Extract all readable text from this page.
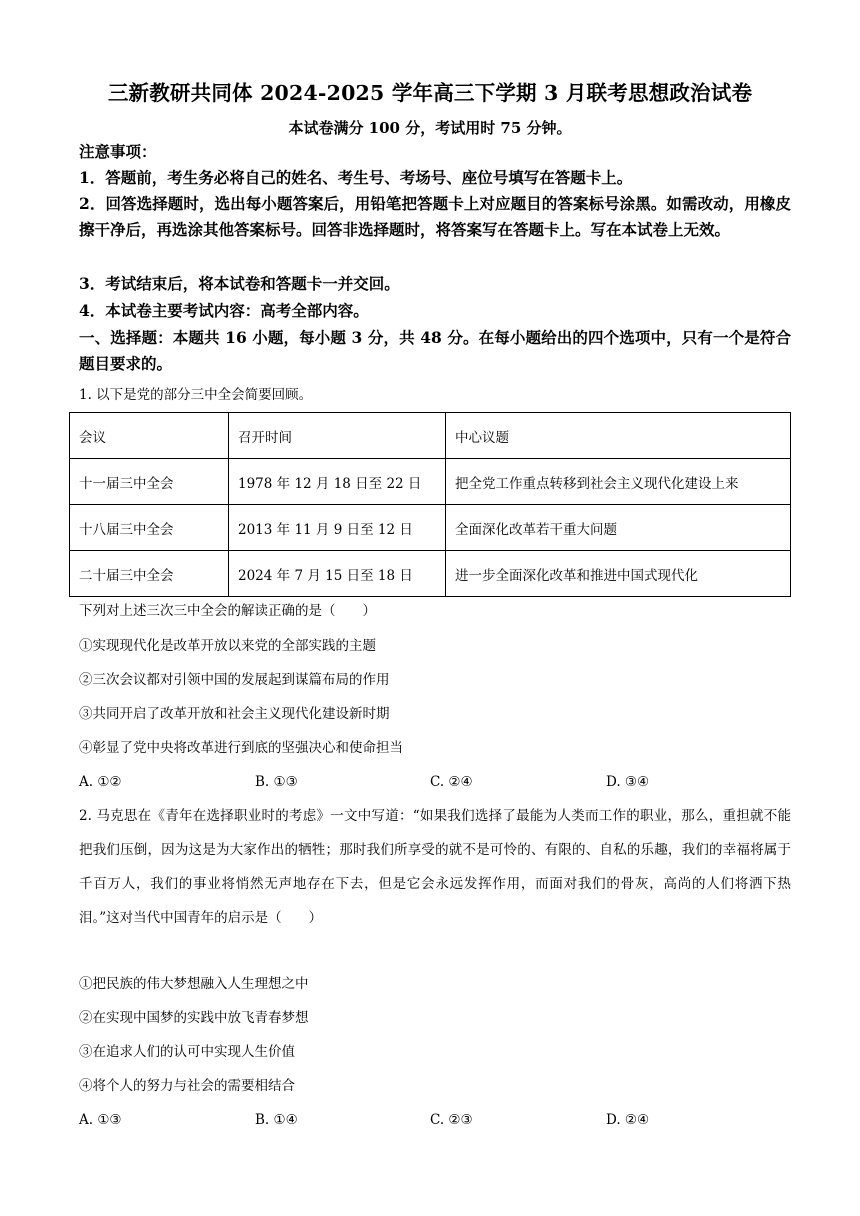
三新教研共同体 2024-2025 学年高三下学期 3 月联考思想政治试卷
本试卷满分 100 分，考试用时 75 分钟。
注意事项：
1．答题前，考生务必将自己的姓名、考生号、考场号、座位号填写在答题卡上。
2．回答选择题时，选出每小题答案后，用铅笔把答题卡上对应题目的答案标号涂黑。如需改动，用橡皮擦干净后，再选涂其他答案标号。回答非选择题时，将答案写在答题卡上。写在本试卷上无效。
3．考试结束后，将本试卷和答题卡一并交回。
4．本试卷主要考试内容：高考全部内容。
一、选择题：本题共 16 小题，每小题 3 分，共 48 分。在每小题给出的四个选项中，只有一个是符合题目要求的。
1. 以下是党的部分三中全会简要回顾。
会议	召开时间	中心议题
十一届三中全会	1978 年 12 月 18 日至 22 日	把全党工作重点转移到社会主义现代化建设上来
十八届三中全会	2013 年 11 月 9 日至 12 日	全面深化改革若干重大问题
二十届三中全会	2024 年 7 月 15 日至 18 日	进一步全面深化改革和推进中国式现代化
下列对上述三次三中全会的解读正确的是（　　）
①实现现代化是改革开放以来党的全部实践的主题
②三次会议都对引领中国的发展起到谋篇布局的作用
③共同开启了改革开放和社会主义现代化建设新时期
④彰显了党中央将改革进行到底的坚强决心和使命担当
A. ①②	B. ①③	C. ②④	D. ③④
2. 马克思在《青年在选择职业时的考虑》一文中写道：“如果我们选择了最能为人类而工作的职业，那么，重担就不能把我们压倒，因为这是为大家作出的牺牲；那时我们所享受的就不是可怜的、有限的、自私的乐趣，我们的幸福将属于千百万人，我们的事业将悄然无声地存在下去，但是它会永远发挥作用，而面对我们的骨灰，高尚的人们将洒下热泪。”这对当代中国青年的启示是（　　）
①把民族的伟大梦想融入人生理想之中
②在实现中国梦的实践中放飞青春梦想
③在追求人们的认可中实现人生价值
④将个人的努力与社会的需要相结合
A. ①③	B. ①④	C. ②③	D. ②④
